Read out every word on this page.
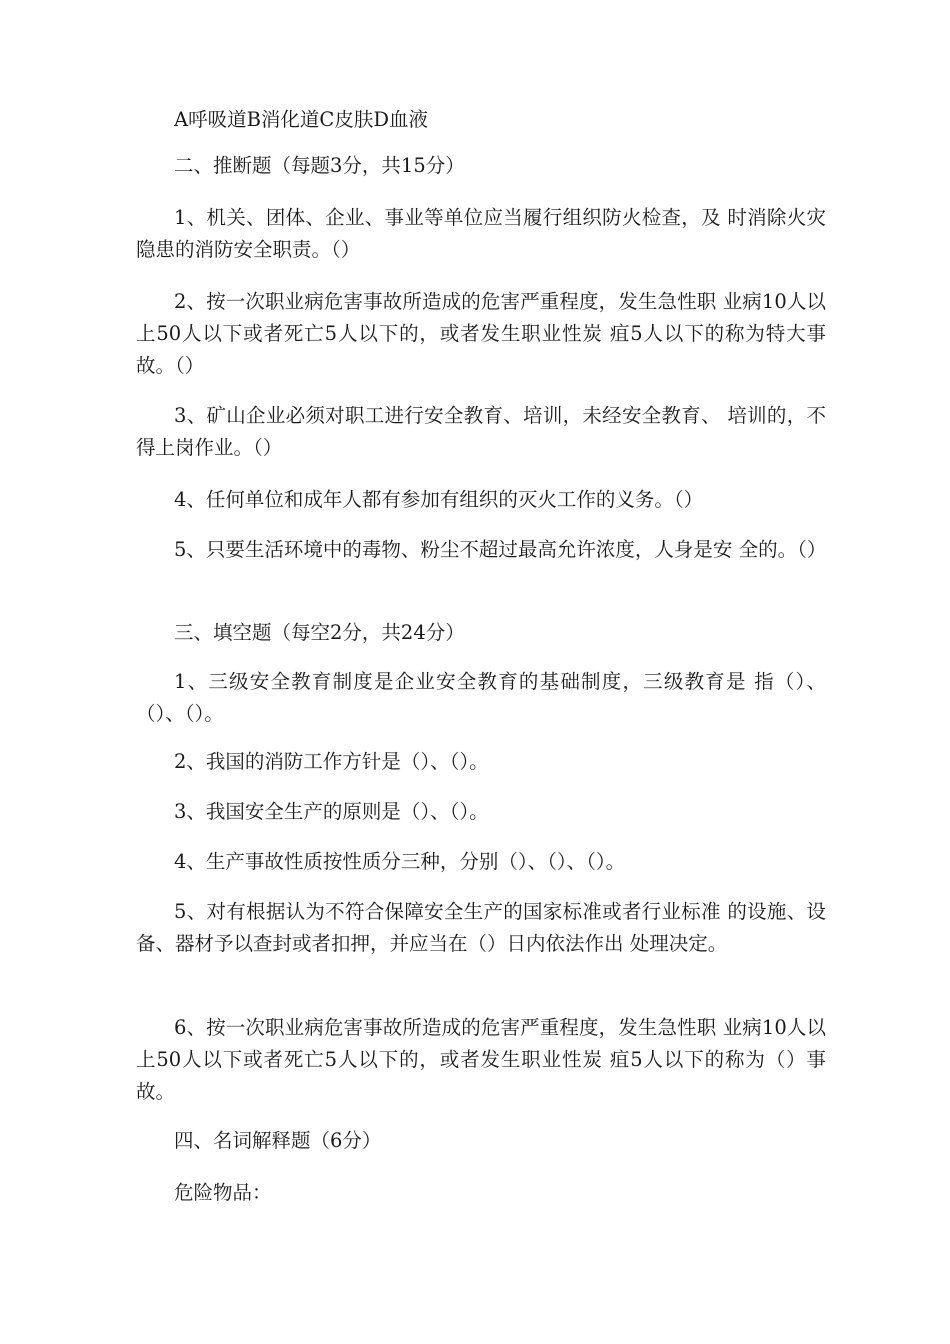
A呼吸道B消化道C皮肤D血液
二、推断题（每题3分，共15分）
1、机关、团体、企业、事业等单位应当履行组织防火检查，及 时消除火灾隐患的消防安全职责。（）
2、按一次职业病危害事故所造成的危害严重程度，发生急性职 业病10人以上50人以下或者死亡5人以下的，或者发生职业性炭 疽5人以下的称为特大事故。（）
3、矿山企业必须对职工进行安全教育、培训，未经安全教育、 培训的，不得上岗作业。（）
4、任何单位和成年人都有参加有组织的灭火工作的义务。（）
5、只要生活环境中的毒物、粉尘不超过最高允许浓度，人身是安 全的。（）
三、填空题（每空2分，共24分）
1、三级安全教育制度是企业安全教育的基础制度，三级教育是 指（）、（）、（）。
2、我国的消防工作方针是（）、（）。
3、我国安全生产的原则是（）、（）。
4、生产事故性质按性质分三种，分别（）、（）、（）。
5、对有根据认为不符合保障安全生产的国家标准或者行业标准 的设施、设备、器材予以查封或者扣押，并应当在（）日内依法作出 处理决定。
6、按一次职业病危害事故所造成的危害严重程度，发生急性职 业病10人以上50人以下或者死亡5人以下的，或者发生职业性炭 疽5人以下的称为（）事故。
四、名词解释题（6分）
危险物品：
